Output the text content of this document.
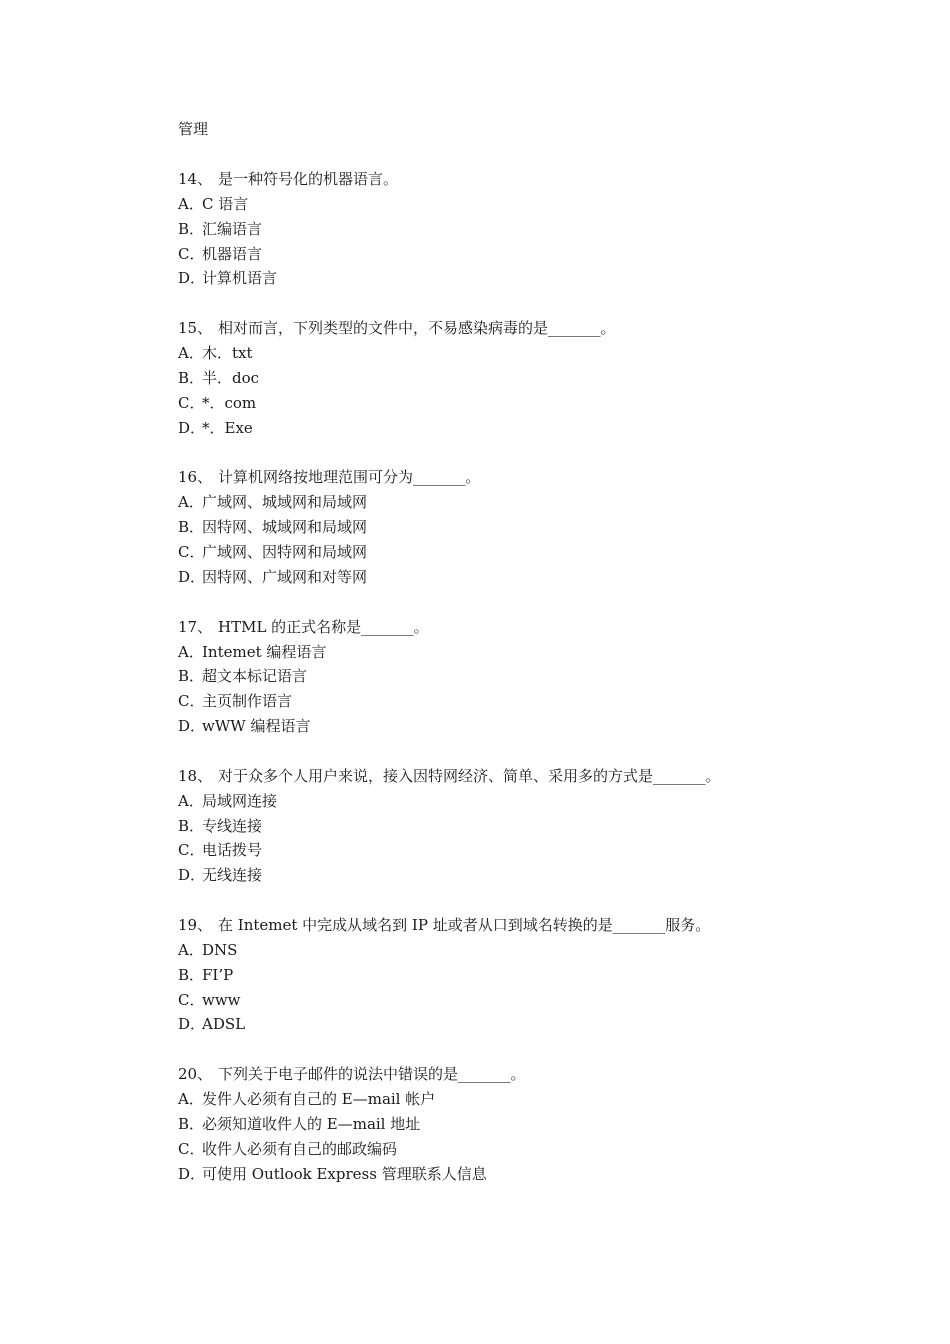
管理
14、 是一种符号化的机器语言。
A．C 语言
B．汇编语言
C．机器语言
D．计算机语言
15、 相对而言，下列类型的文件中，不易感染病毒的是_______。
A．木．txt
B．半．doc
C．*．com
D．*．Exe
16、 计算机网络按地理范围可分为_______。
A．广域网、城域网和局域网
B．因特网、城域网和局域网
C．广域网、因特网和局域网
D．因特网、广域网和对等网
17、 HTML 的正式名称是_______。
A．Intemet 编程语言
B．超文本标记语言
C．主页制作语言
D．wWW 编程语言
18、 对于众多个人用户来说，接入因特网经济、简单、采用多的方式是_______。
A．局域网连接
B．专线连接
C．电话拨号
D．无线连接
19、 在 Intemet 中完成从域名到 IP 址或者从口到域名转换的是_______服务。
A．DNS
B．FI’P
C．www
D．ADSL
20、 下列关于电子邮件的说法中错误的是_______。
A．发件人必须有自己的 E—mail 帐户
B．必须知道收件人的 E—mail 地址
C．收件人必须有自己的邮政编码
D．可使用 Outlook Express 管理联系人信息
